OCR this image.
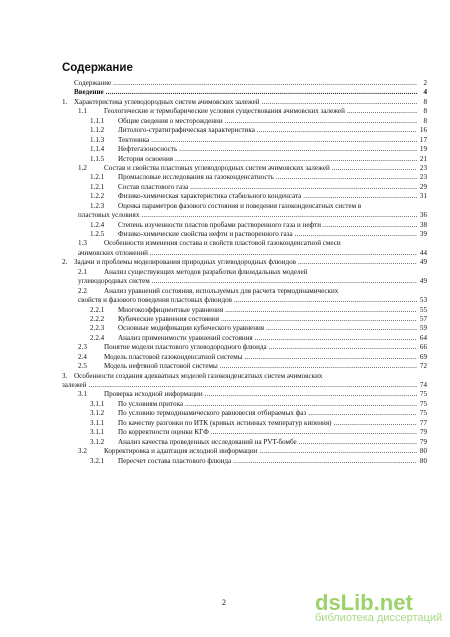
Содержание
Содержание .....	2
Введение .....	4
1. Характеристика углеводородных систем ачимовских залежей .....	8
1.1 Геологические и термобарические условия существования ачимовских залежей .....	8
1.1.1 Общие сведения о месторождении .....	8
1.1.2 Литолого-стратиграфическая характеристика .....	16
1.1.3 Тектоника .....	17
1.1.4 Нефтегазоносность .....	19
1.1.5 История освоения .....	21
1.2 Состав и свойства пластовых углеводородных систем ачимовских залежей .....	23
1.2.1 Промысловые исследования на газоконденсатность .....	23
1.2.1 Состав пластового газа .....	29
1.2.2 Физико-химическая характеристика стабильного конденсата .....	31
1.2.3 Оценка параметров фазового состояния и поведения газоконденсатных систем в
пластовых условиях .....	36
1.2.4 Степень изученности пластов пробами растворенного газа и нефти .....	38
1.2.5 Физико-химические свойства нефти и растворенного газа .....	39
1.3 Особенности изменения состава и свойств пластовой газоконденсатной смеси
ачимовских отложений .....	44
2. Задачи и проблемы моделирования природных углеводородных флюидов .....	49
2.1 Анализ существующих методов разработки флюидальных моделей
углеводородных систем .....	49
2.2 Анализ уравнений состояния, используемых для расчета термодинамических
свойств и фазового поведения пластовых флюидов .....	53
2.2.1 Многокоэффициентные уравнения .....	55
2.2.2 Кубические уравнения состояния .....	57
2.2.3 Основные модификации кубического уравнения .....	59
2.2.4 Анализ применимости уравнений состояния .....	64
2.3 Понятие модели пластового углеводородного флюида .....	66
2.4 Модель пластовой газоконденсатной системы .....	69
2.5 Модель нефтяной пластовой системы .....	72
3. Особенности создания адекватных моделей газоконденсатных систем ачимовских
залежей .....	74
3.1 Проверка исходной информации .....	75
3.1.1 По условиям притока .....	75
3.1.2 По условию термодинамического равновесия отбираемых фаз .....	75
3.1.1 По качеству разгонки по ИТК (кривых истинных температур кипения) .....	77
3.1.1 По корректности оценки КГФ .....	79
3.1.2 Анализ качества проведенных исследований на PVT-бомбе .....	79
3.2 Корректировка и адаптация исходной информации .....	80
3.2.1 Пересчет состава пластового флюида .....	80
2	dsLib.net
библиотека диссертаций
